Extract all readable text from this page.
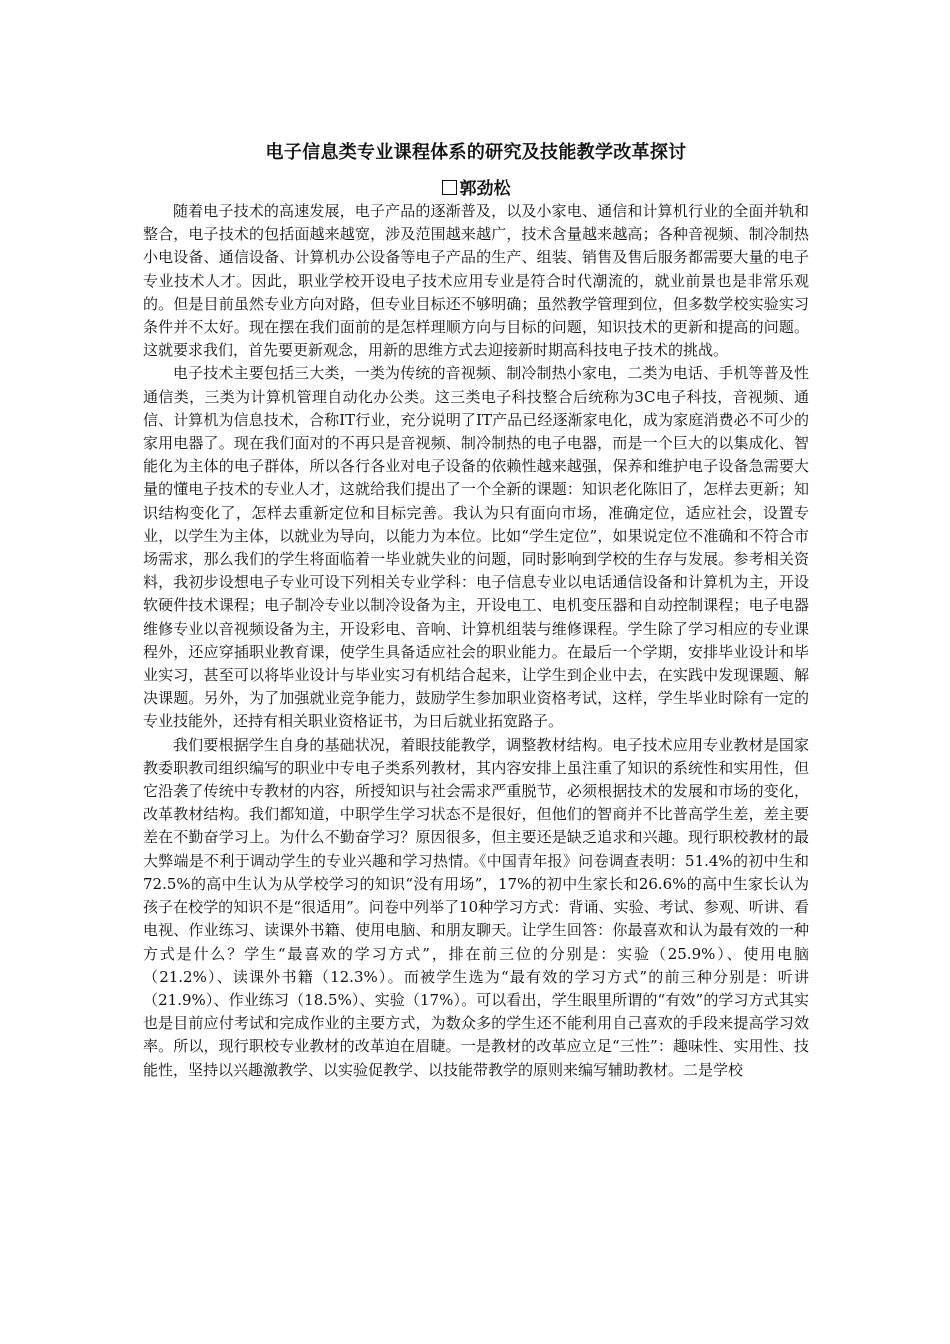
电子信息类专业课程体系的研究及技能教学改革探讨
郭劲松

随着电子技术的高速发展，电子产品的逐渐普及，以及小家电、通信和计算机行业的全面并轨和整合，电子技术的包括面越来越宽，涉及范围越来越广，技术含量越来越高；各种音视频、制冷制热小电设备、通信设备、计算机办公设备等电子产品的生产、组装、销售及售后服务都需要大量的电子专业技术人才。因此，职业学校开设电子技术应用专业是符合时代潮流的，就业前景也是非常乐观的。但是目前虽然专业方向对路，但专业目标还不够明确；虽然教学管理到位，但多数学校实验实习条件并不太好。现在摆在我们面前的是怎样理顺方向与目标的问题，知识技术的更新和提高的问题。这就要求我们，首先要更新观念，用新的思维方式去迎接新时期高科技电子技术的挑战。

电子技术主要包括三大类，一类为传统的音视频、制冷制热小家电，二类为电话、手机等普及性通信类，三类为计算机管理自动化办公类。这三类电子科技整合后统称为3C电子科技，音视频、通信、计算机为信息技术，合称IT行业，充分说明了IT产品已经逐渐家电化，成为家庭消费必不可少的家用电器了。现在我们面对的不再只是音视频、制冷制热的电子电器，而是一个巨大的以集成化、智能化为主体的电子群体，所以各行各业对电子设备的依赖性越来越强，保养和维护电子设备急需要大量的懂电子技术的专业人才，这就给我们提出了一个全新的课题：知识老化陈旧了，怎样去更新；知识结构变化了，怎样去重新定位和目标完善。我认为只有面向市场，准确定位，适应社会，设置专业，以学生为主体，以就业为导向，以能力为本位。比如“学生定位”，如果说定位不准确和不符合市场需求，那么我们的学生将面临着一毕业就失业的问题，同时影响到学校的生存与发展。参考相关资料，我初步设想电子专业可设下列相关专业学科：电子信息专业以电话通信设备和计算机为主，开设软硬件技术课程；电子制冷专业以制冷设备为主，开设电工、电机变压器和自动控制课程；电子电器维修专业以音视频设备为主，开设彩电、音响、计算机组装与维修课程。学生除了学习相应的专业课程外，还应穿插职业教育课，使学生具备适应社会的职业能力。在最后一个学期，安排毕业设计和毕业实习，甚至可以将毕业设计与毕业实习有机结合起来，让学生到企业中去，在实践中发现课题、解决课题。另外，为了加强就业竞争能力，鼓励学生参加职业资格考试，这样，学生毕业时除有一定的专业技能外，还持有相关职业资格证书，为日后就业拓宽路子。

我们要根据学生自身的基础状况，着眼技能教学，调整教材结构。电子技术应用专业教材是国家教委职教司组织编写的职业中专电子类系列教材，其内容安排上虽注重了知识的系统性和实用性，但它沿袭了传统中专教材的内容，所授知识与社会需求严重脱节，必须根据技术的发展和市场的变化，改革教材结构。我们都知道，中职学生学习状态不是很好，但他们的智商并不比普高学生差，差主要差在不勤奋学习上。为什么不勤奋学习？原因很多，但主要还是缺乏追求和兴趣。现行职校教材的最大弊端是不利于调动学生的专业兴趣和学习热情。《中国青年报》问卷调查表明：51.4%的初中生和72.5%的高中生认为从学校学习的知识“没有用场”，17%的初中生家长和26.6%的高中生家长认为孩子在校学的知识不是“很适用”。问卷中列举了10种学习方式：背诵、实验、考试、参观、听讲、看电视、作业练习、读课外书籍、使用电脑、和朋友聊天。让学生回答：你最喜欢和认为最有效的一种方式是什么？学生“最喜欢的学习方式”，排在前三位的分别是：实验（25.9%）、使用电脑（21.2%）、读课外书籍（12.3%）。而被学生选为“最有效的学习方式”的前三种分别是：听讲（21.9%）、作业练习（18.5%）、实验（17%）。可以看出，学生眼里所谓的“有效”的学习方式其实也是目前应付考试和完成作业的主要方式，为数众多的学生还不能利用自己喜欢的手段来提高学习效率。所以，现行职校专业教材的改革迫在眉睫。一是教材的改革应立足“三性”：趣味性、实用性、技能性，坚持以兴趣激教学、以实验促教学、以技能带教学的原则来编写辅助教材。二是学校
